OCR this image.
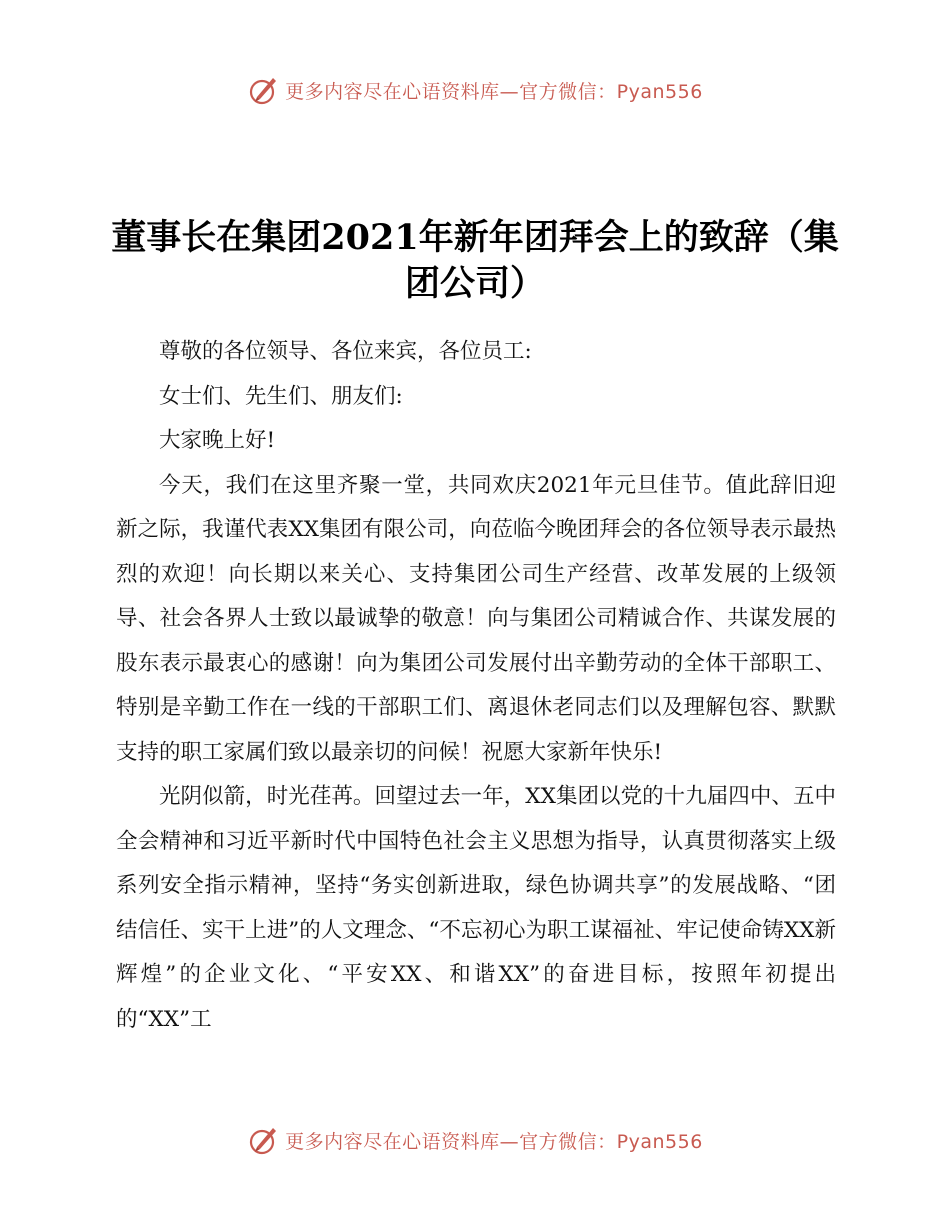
更多内容尽在心语资料库—官方微信：Pyan556
董事长在集团2021年新年团拜会上的致辞（集团公司）

尊敬的各位领导、各位来宾，各位员工:

女士们、先生们、朋友们:

大家晚上好!

今天，我们在这里齐聚一堂，共同欢庆2021年元旦佳节。值此辞旧迎新之际，我谨代表XX集团有限公司，向莅临今晚团拜会的各位领导表示最热烈的欢迎！向长期以来关心、支持集团公司生产经营、改革发展的上级领导、社会各界人士致以最诚挚的敬意！向与集团公司精诚合作、共谋发展的股东表示最衷心的感谢！向为集团公司发展付出辛勤劳动的全体干部职工、特别是辛勤工作在一线的干部职工们、离退休老同志们以及理解包容、默默支持的职工家属们致以最亲切的问候！祝愿大家新年快乐!

光阴似箭，时光荏苒。回望过去一年，XX集团以党的十九届四中、五中全会精神和习近平新时代中国特色社会主义思想为指导，认真贯彻落实上级系列安全指示精神，坚持“务实创新进取，绿色协调共享”的发展战略、“团结信任、实干上进”的人文理念、“不忘初心为职工谋福祉、牢记使命铸XX新辉煌”的企业文化、“平安XX、和谐XX”的奋进目标，按照年初提出的“XX”工

更多内容尽在心语资料库—官方微信：Pyan556
